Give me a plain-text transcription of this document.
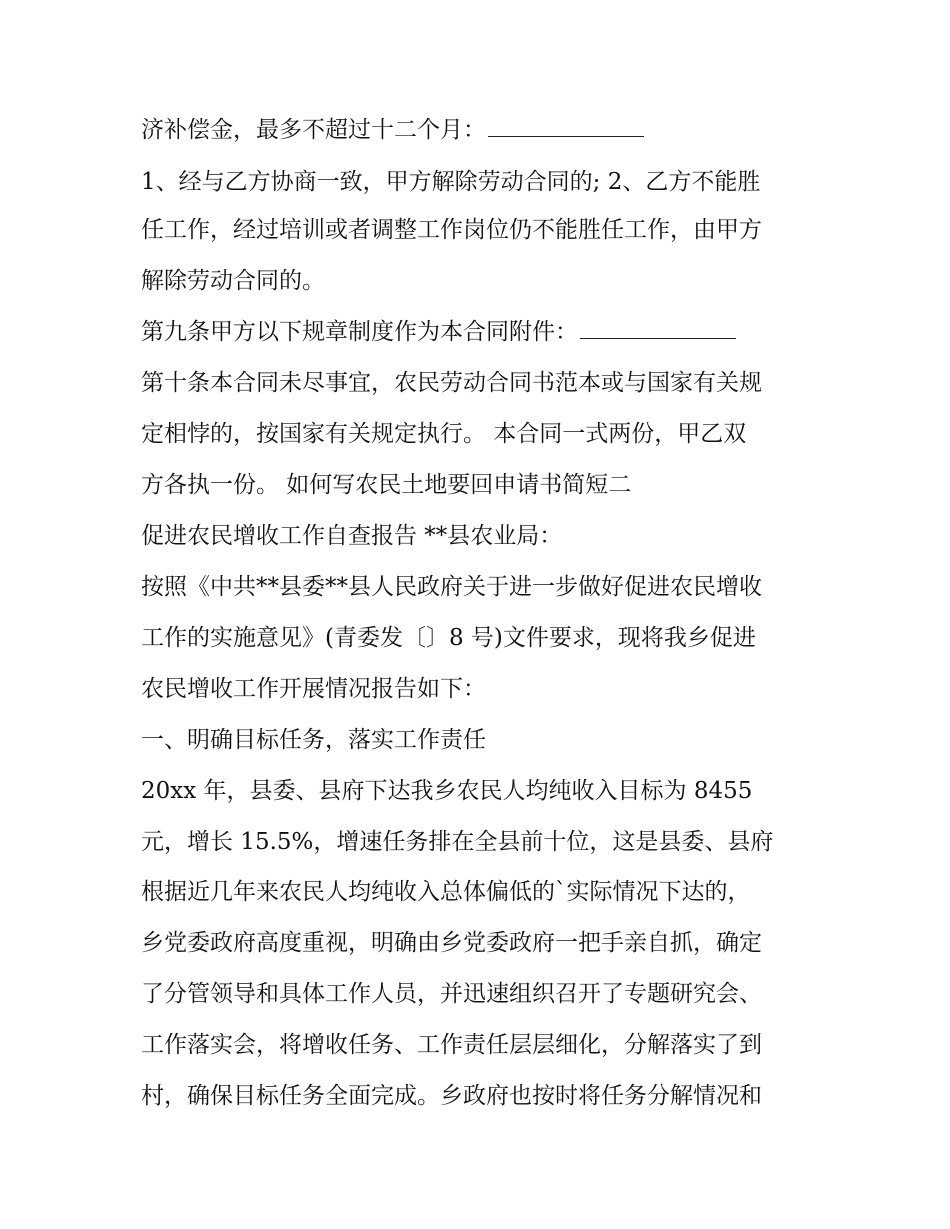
济补偿金，最多不超过十二个月：
1、经与乙方协商一致，甲方解除劳动合同的; 2、乙方不能胜
任工作，经过培训或者调整工作岗位仍不能胜任工作，由甲方
解除劳动合同的。
第九条甲方以下规章制度作为本合同附件：
第十条本合同未尽事宜，农民劳动合同书范本或与国家有关规
定相悖的，按国家有关规定执行。 本合同一式两份，甲乙双
方各执一份。 如何写农民土地要回申请书简短二
促进农民增收工作自查报告 **县农业局：
按照《中共**县委**县人民政府关于进一步做好促进农民增收
工作的实施意见》(青委发〔〕8 号)文件要求，现将我乡促进
农民增收工作开展情况报告如下：
一、明确目标任务，落实工作责任
20xx 年，县委、县府下达我乡农民人均纯收入目标为 8455
元，增长 15.5%，增速任务排在全县前十位，这是县委、县府
根据近几年来农民人均纯收入总体偏低的`实际情况下达的，
乡党委政府高度重视，明确由乡党委政府一把手亲自抓，确定
了分管领导和具体工作人员，并迅速组织召开了专题研究会、
工作落实会，将增收任务、工作责任层层细化，分解落实了到
村，确保目标任务全面完成。乡政府也按时将任务分解情况和
